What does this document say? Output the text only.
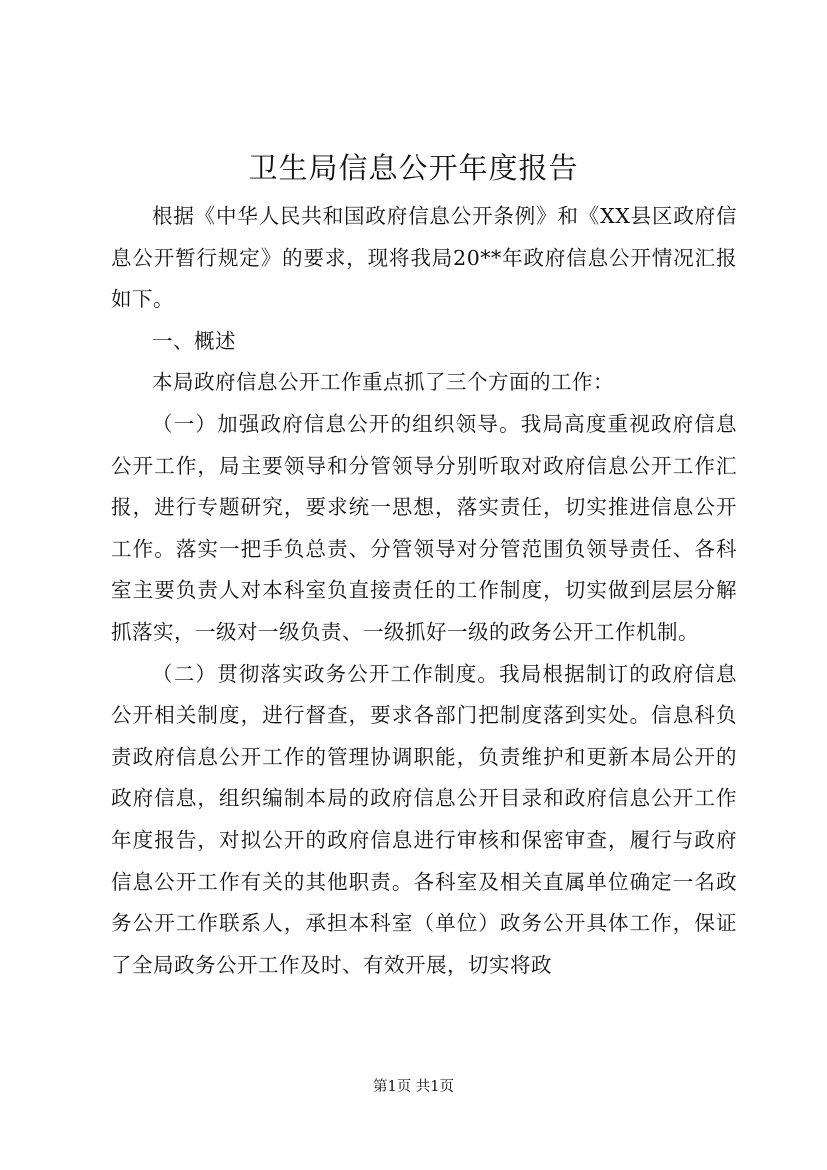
卫生局信息公开年度报告

根据《中华人民共和国政府信息公开条例》和《XX县区政府信息公开暂行规定》的要求，现将我局20**年政府信息公开情况汇报如下。

一、概述

本局政府信息公开工作重点抓了三个方面的工作：

（一）加强政府信息公开的组织领导。我局高度重视政府信息公开工作，局主要领导和分管领导分别听取对政府信息公开工作汇报，进行专题研究，要求统一思想，落实责任，切实推进信息公开工作。落实一把手负总责、分管领导对分管范围负领导责任、各科室主要负责人对本科室负直接责任的工作制度，切实做到层层分解抓落实，一级对一级负责、一级抓好一级的政务公开工作机制。

（二）贯彻落实政务公开工作制度。我局根据制订的政府信息公开相关制度，进行督查，要求各部门把制度落到实处。信息科负责政府信息公开工作的管理协调职能，负责维护和更新本局公开的政府信息，组织编制本局的政府信息公开目录和政府信息公开工作年度报告，对拟公开的政府信息进行审核和保密审查，履行与政府信息公开工作有关的其他职责。各科室及相关直属单位确定一名政务公开工作联系人，承担本科室（单位）政务公开具体工作，保证了全局政务公开工作及时、有效开展，切实将政

第1页 共1页
